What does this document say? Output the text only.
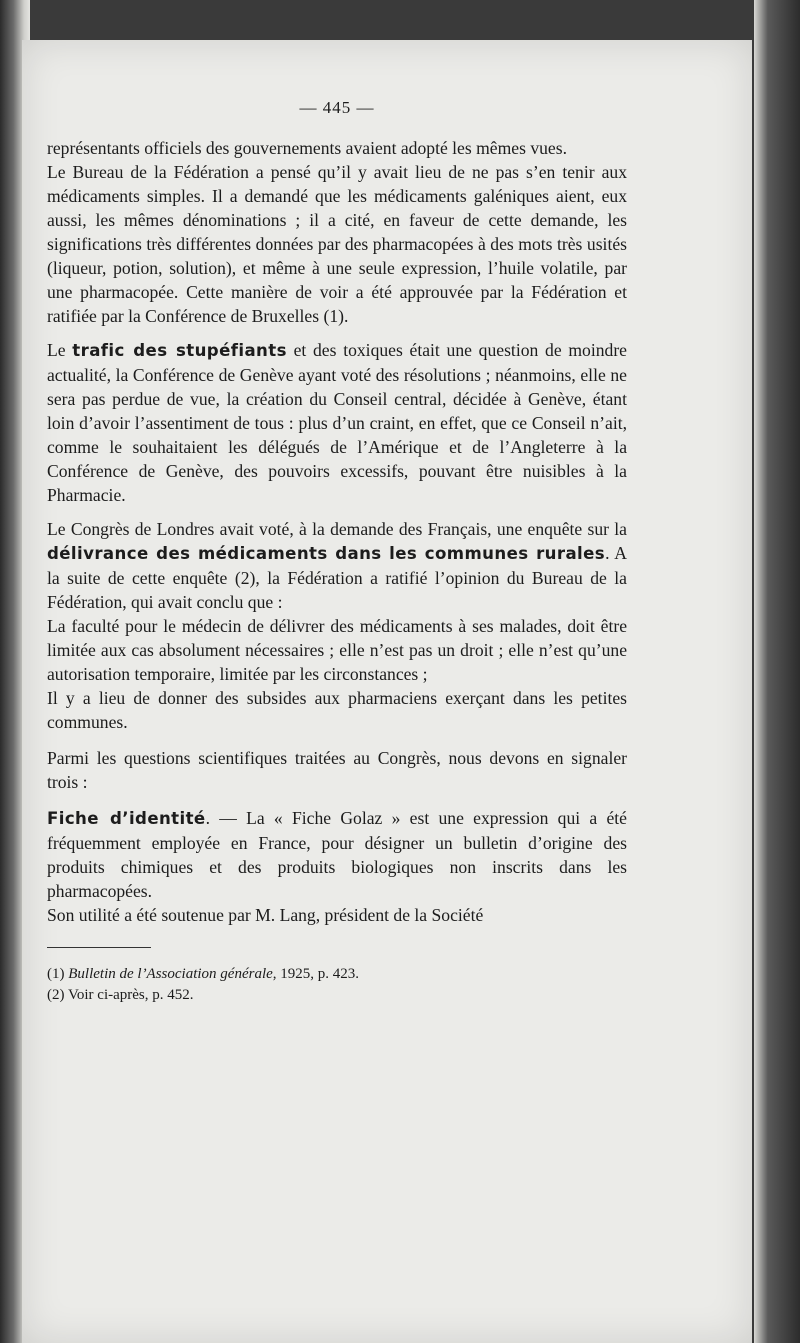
— 445 —

représentants officiels des gouvernements avaient adopté les mêmes vues.

Le Bureau de la Fédération a pensé qu’il y avait lieu de ne pas s’en tenir aux médicaments simples. Il a demandé que les médicaments galéniques aient, eux aussi, les mêmes dénominations ; il a cité, en faveur de cette demande, les significations très différentes données par des pharmacopées à des mots très usités (liqueur, potion, solution), et même à une seule expression, l’huile volatile, par une pharmacopée. Cette manière de voir a été approuvée par la Fédération et ratifiée par la Conférence de Bruxelles (1).

Le trafic des stupéfiants et des toxiques était une question de moindre actualité, la Conférence de Genève ayant voté des résolutions ; néanmoins, elle ne sera pas perdue de vue, la création du Conseil central, décidée à Genève, étant loin d’avoir l’assentiment de tous : plus d’un craint, en effet, que ce Conseil n’ait, comme le souhaitaient les délégués de l’Amérique et de l’Angleterre à la Conférence de Genève, des pouvoirs excessifs, pouvant être nuisibles à la Pharmacie.

Le Congrès de Londres avait voté, à la demande des Français, une enquête sur la délivrance des médicaments dans les communes rurales. A la suite de cette enquête (2), la Fédération a ratifié l’opinion du Bureau de la Fédération, qui avait conclu que :

La faculté pour le médecin de délivrer des médicaments à ses malades, doit être limitée aux cas absolument nécessaires ; elle n’est pas un droit ; elle n’est qu’une autorisation temporaire, limitée par les circonstances ;

Il y a lieu de donner des subsides aux pharmaciens exerçant dans les petites communes.

Parmi les questions scientifiques traitées au Congrès, nous devons en signaler trois :

Fiche d’identité. — La « Fiche Golaz » est une expression qui a été fréquemment employée en France, pour désigner un bulletin d’origine des produits chimiques et des produits biologiques non inscrits dans les pharmacopées.

Son utilité a été soutenue par M. Lang, président de la Société

(1) Bulletin de l’Association générale, 1925, p. 423.
(2) Voir ci-après, p. 452.
